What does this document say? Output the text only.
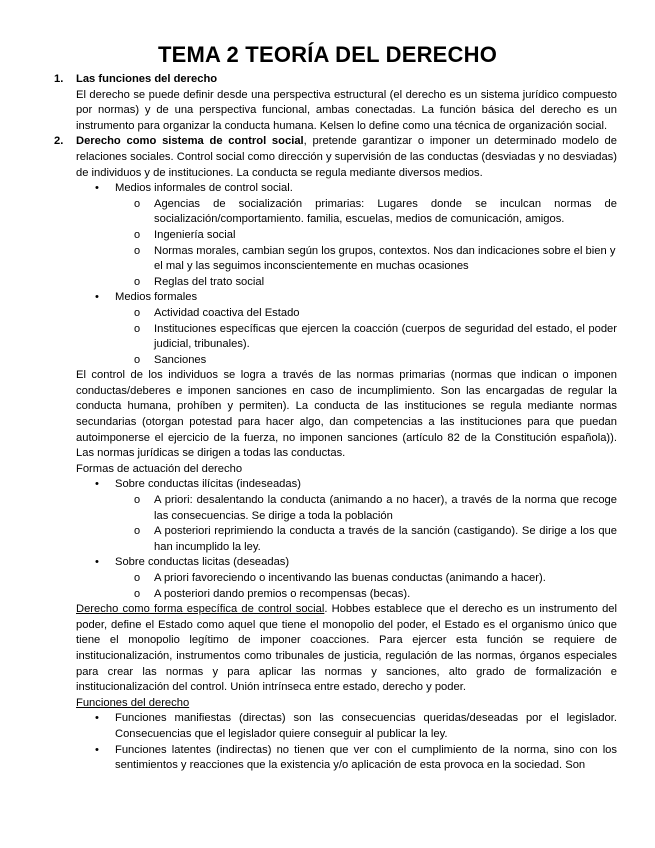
TEMA 2 TEORÍA DEL DERECHO
1. Las funciones del derecho
El derecho se puede definir desde una perspectiva estructural (el derecho es un sistema jurídico compuesto por normas) y de una perspectiva funcional, ambas conectadas. La función básica del derecho es un instrumento para organizar la conducta humana. Kelsen lo define como una técnica de organización social.
2. Derecho como sistema de control social, pretende garantizar o imponer un determinado modelo de relaciones sociales. Control social como dirección y supervisión de las conductas (desviadas y no desviadas) de individuos y de instituciones. La conducta se regula mediante diversos medios.
• Medios informales de control social.
o Agencias de socialización primarias: Lugares donde se inculcan normas de socialización/comportamiento. familia, escuelas, medios de comunicación, amigos.
o Ingeniería social
o Normas morales, cambian según los grupos, contextos. Nos dan indicaciones sobre el bien y el mal y las seguimos inconscientemente en muchas ocasiones
o Reglas del trato social
• Medios formales
o Actividad coactiva del Estado
o Instituciones específicas que ejercen la coacción (cuerpos de seguridad del estado, el poder judicial, tribunales).
o Sanciones
El control de los individuos se logra a través de las normas primarias (normas que indican o imponen conductas/deberes e imponen sanciones en caso de incumplimiento. Son las encargadas de regular la conducta humana, prohíben y permiten). La conducta de las instituciones se regula mediante normas secundarias (otorgan potestad para hacer algo, dan competencias a las instituciones para que puedan autoimponerse el ejercicio de la fuerza, no imponen sanciones (artículo 82 de la Constitución española)). Las normas jurídicas se dirigen a todas las conductas.
Formas de actuación del derecho
• Sobre conductas ilícitas (indeseadas)
o A priori: desalentando la conducta (animando a no hacer), a través de la norma que recoge las consecuencias. Se dirige a toda la población
o A posteriori reprimiendo la conducta a través de la sanción (castigando). Se dirige a los que han incumplido la ley.
• Sobre conductas licitas (deseadas)
o A priori favoreciendo o incentivando las buenas conductas (animando a hacer).
o A posteriori dando premios o recompensas (becas).
Derecho como forma específica de control social. Hobbes establece que el derecho es un instrumento del poder, define el Estado como aquel que tiene el monopolio del poder, el Estado es el organismo único que tiene el monopolio legítimo de imponer coacciones. Para ejercer esta función se requiere de institucionalización, instrumentos como tribunales de justicia, regulación de las normas, órganos especiales para crear las normas y para aplicar las normas y sanciones, alto grado de formalización e institucionalización del control. Unión intrínseca entre estado, derecho y poder.
Funciones del derecho
• Funciones manifiestas (directas) son las consecuencias queridas/deseadas por el legislador. Consecuencias que el legislador quiere conseguir al publicar la ley.
• Funciones latentes (indirectas) no tienen que ver con el cumplimiento de la norma, sino con los sentimientos y reacciones que la existencia y/o aplicación de esta provoca en la sociedad. Son
